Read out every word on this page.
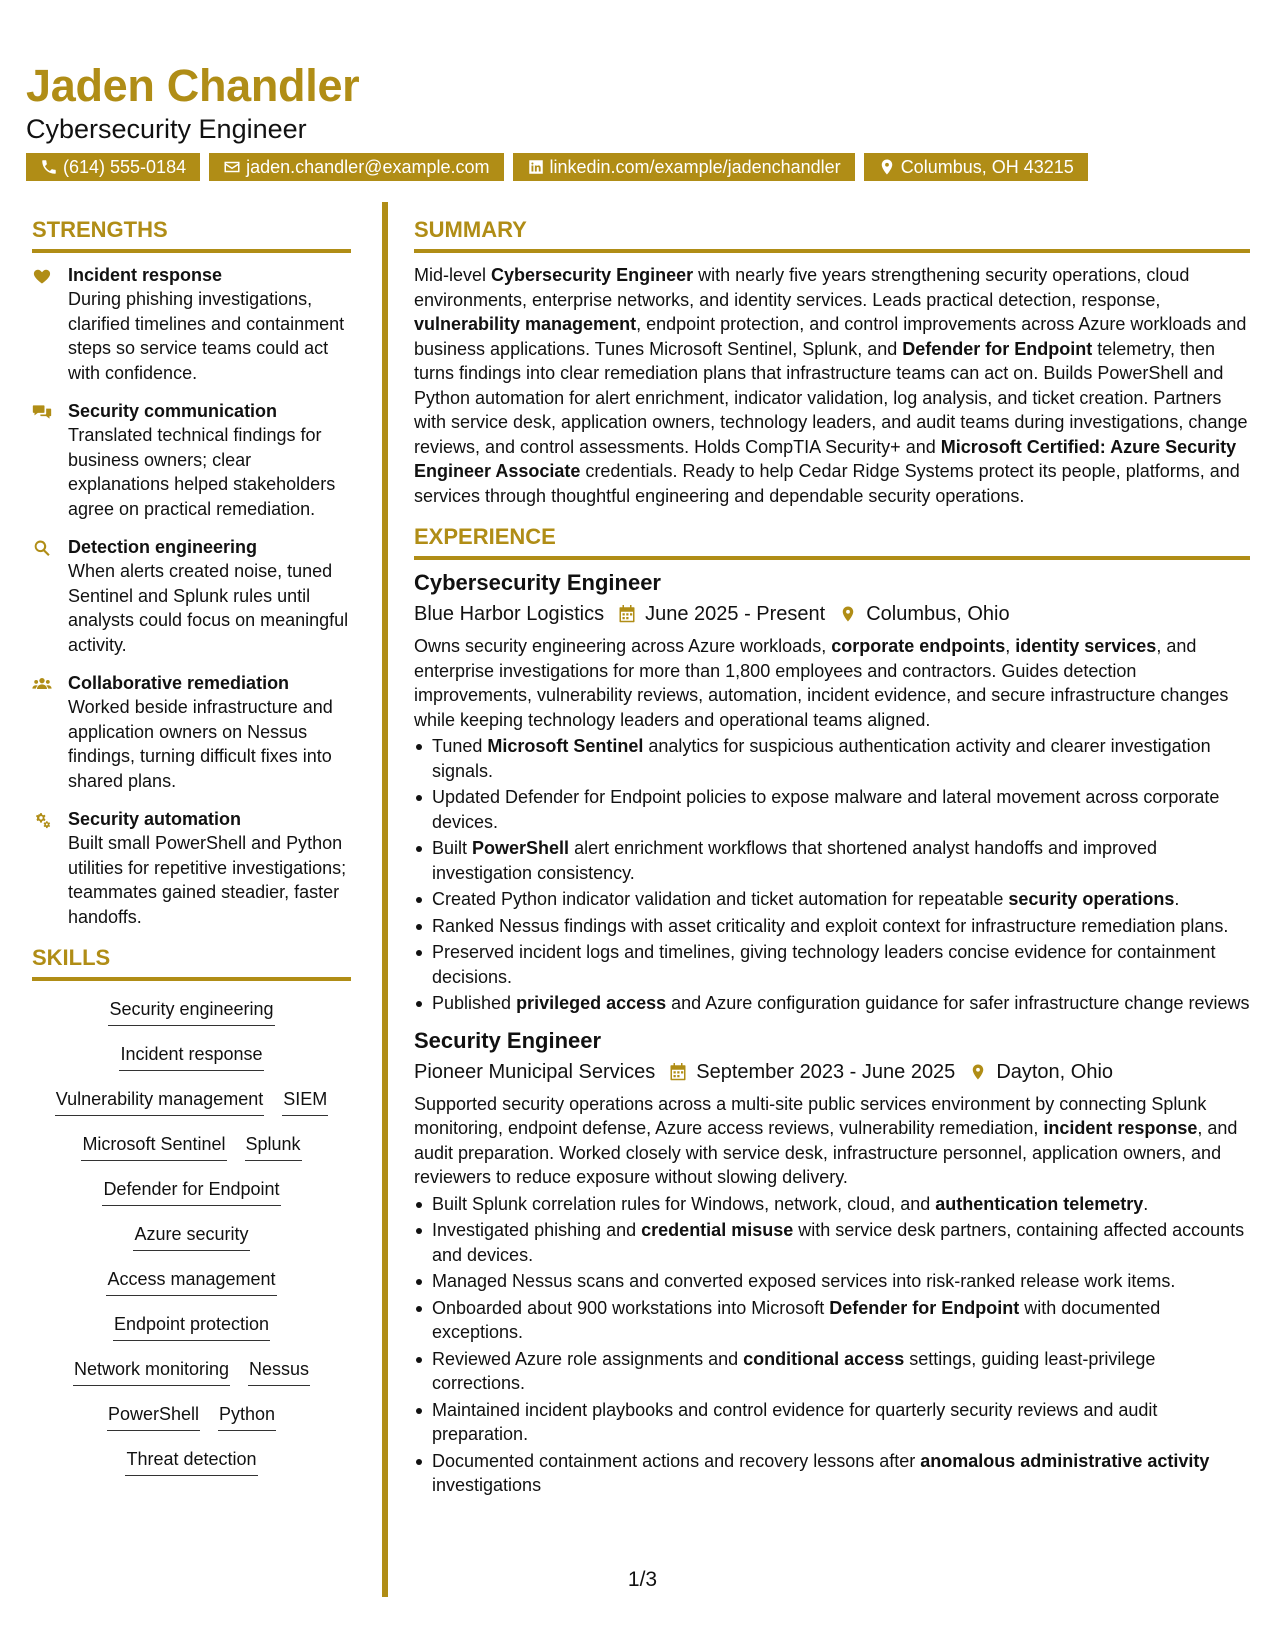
Jaden Chandler
Cybersecurity Engineer
(614) 555-0184	jaden.chandler@example.com	linkedin.com/example/jadenchandler	Columbus, OH 43215
STRENGTHS
Incident response
During phishing investigations, clarified timelines and containment steps so service teams could act with confidence.
Security communication
Translated technical findings for business owners; clear explanations helped stakeholders agree on practical remediation.
Detection engineering
When alerts created noise, tuned Sentinel and Splunk rules until analysts could focus on meaningful activity.
Collaborative remediation
Worked beside infrastructure and application owners on Nessus findings, turning difficult fixes into shared plans.
Security automation
Built small PowerShell and Python utilities for repetitive investigations; teammates gained steadier, faster handoffs.
SKILLS
Security engineering
Incident response
Vulnerability management SIEM
Microsoft Sentinel Splunk
Defender for Endpoint
Azure security
Access management
Endpoint protection
Network monitoring Nessus
PowerShell Python
Threat detection
SUMMARY
Mid-level Cybersecurity Engineer with nearly five years strengthening security operations, cloud environments, enterprise networks, and identity services. Leads practical detection, response, vulnerability management, endpoint protection, and control improvements across Azure workloads and business applications. Tunes Microsoft Sentinel, Splunk, and Defender for Endpoint telemetry, then turns findings into clear remediation plans that infrastructure teams can act on. Builds PowerShell and Python automation for alert enrichment, indicator validation, log analysis, and ticket creation. Partners with service desk, application owners, technology leaders, and audit teams during investigations, change reviews, and control assessments. Holds CompTIA Security+ and Microsoft Certified: Azure Security Engineer Associate credentials. Ready to help Cedar Ridge Systems protect its people, platforms, and services through thoughtful engineering and dependable security operations.
EXPERIENCE
Cybersecurity Engineer
Blue Harbor Logistics June 2025 - Present Columbus, Ohio
Owns security engineering across Azure workloads, corporate endpoints, identity services, and enterprise investigations for more than 1,800 employees and contractors. Guides detection improvements, vulnerability reviews, automation, incident evidence, and secure infrastructure changes while keeping technology leaders and operational teams aligned.
Tuned Microsoft Sentinel analytics for suspicious authentication activity and clearer investigation signals.
Updated Defender for Endpoint policies to expose malware and lateral movement across corporate devices.
Built PowerShell alert enrichment workflows that shortened analyst handoffs and improved investigation consistency.
Created Python indicator validation and ticket automation for repeatable security operations.
Ranked Nessus findings with asset criticality and exploit context for infrastructure remediation plans.
Preserved incident logs and timelines, giving technology leaders concise evidence for containment decisions.
Published privileged access and Azure configuration guidance for safer infrastructure change reviews
Security Engineer
Pioneer Municipal Services September 2023 - June 2025 Dayton, Ohio
Supported security operations across a multi-site public services environment by connecting Splunk monitoring, endpoint defense, Azure access reviews, vulnerability remediation, incident response, and audit preparation. Worked closely with service desk, infrastructure personnel, application owners, and reviewers to reduce exposure without slowing delivery.
Built Splunk correlation rules for Windows, network, cloud, and authentication telemetry.
Investigated phishing and credential misuse with service desk partners, containing affected accounts and devices.
Managed Nessus scans and converted exposed services into risk-ranked release work items.
Onboarded about 900 workstations into Microsoft Defender for Endpoint with documented exceptions.
Reviewed Azure role assignments and conditional access settings, guiding least-privilege corrections.
Maintained incident playbooks and control evidence for quarterly security reviews and audit preparation.
Documented containment actions and recovery lessons after anomalous administrative activity investigations
1/3
